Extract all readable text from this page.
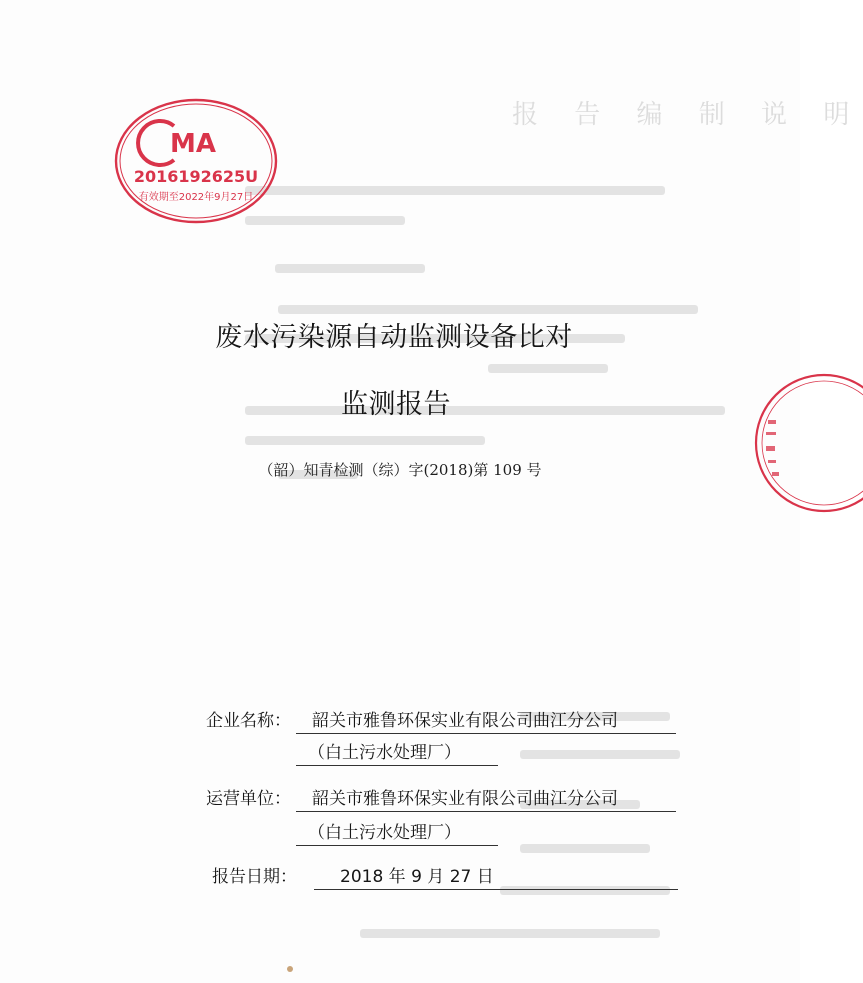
报 告 编 制 说 明
MA
2016192625U
有效期至2022年9月27日
废水污染源自动监测设备比对
监测报告
（韶）知青检测（综）字(2018)第 109 号
企业名称：	韶关市雅鲁环保实业有限公司曲江分公司
（白土污水处理厂）
运营单位：	韶关市雅鲁环保实业有限公司曲江分公司
（白土污水处理厂）
报告日期：	2018 年 9 月 27 日
